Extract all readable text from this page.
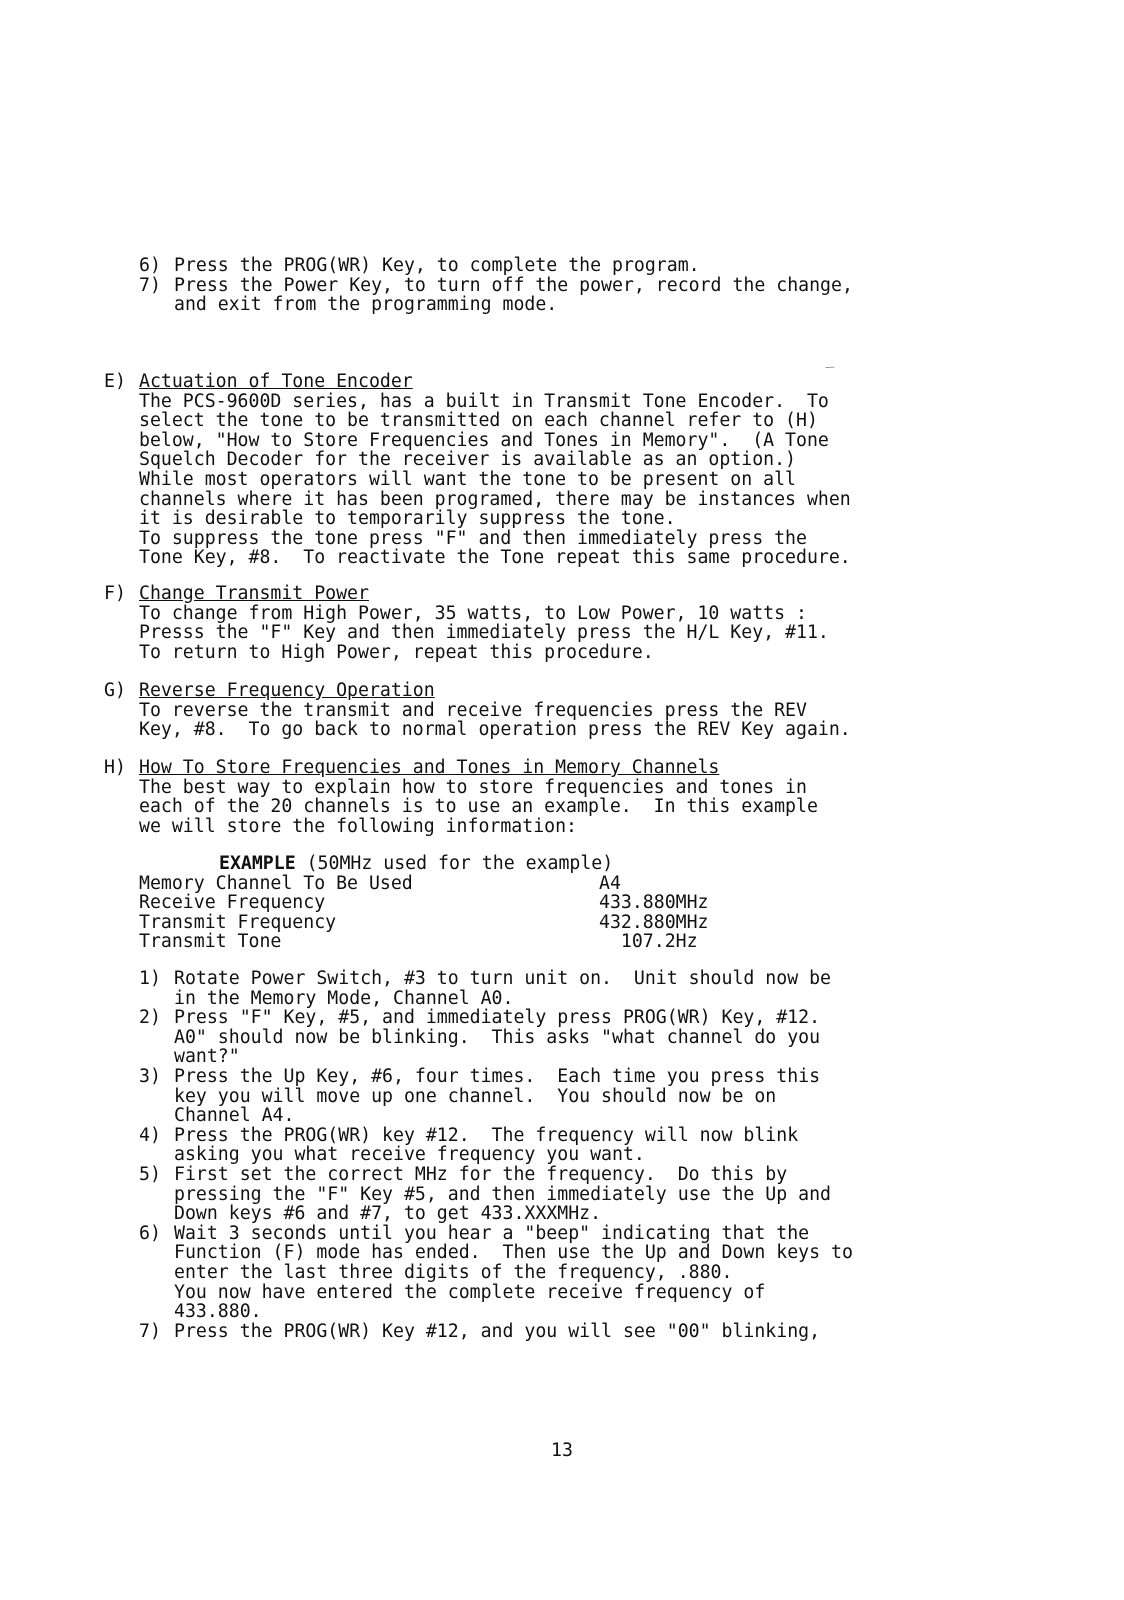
6) Press the PROG(WR) Key, to complete the program.
7) Press the Power Key, to turn off the power, record the change,
and exit from the programming mode.
E) Actuation of Tone Encoder
The PCS-9600D series, has a built in Transmit Tone Encoder.  To
select the tone to be transmitted on each channel refer to (H)
below, "How to Store Frequencies and Tones in Memory".  (A Tone
Squelch Decoder for the receiver is available as an option.)
While most operators will want the tone to be present on all
channels where it has been programed, there may be instances when
it is desirable to temporarily suppress the tone.
To suppress the tone press "F" and then immediately press the
Tone Key, #8.  To reactivate the Tone repeat this same procedure.
F) Change Transmit Power
To change from High Power, 35 watts, to Low Power, 10 watts :
Presss the "F" Key and then immediately press the H/L Key, #11.
To return to High Power, repeat this procedure.
G) Reverse Frequency Operation
To reverse the transmit and receive frequencies press the REV
Key, #8.  To go back to normal operation press the REV Key again.
H) How To Store Frequencies and Tones in Memory Channels
The best way to explain how to store frequencies and tones in
each of the 20 channels is to use an example.  In this example
we will store the following information:
EXAMPLE (50MHz used for the example)
Memory Channel To Be Used	A4
Receive Frequency	433.880MHz
Transmit Frequency	432.880MHz
Transmit Tone	107.2Hz
1) Rotate Power Switch, #3 to turn unit on.  Unit should now be
in the Memory Mode, Channel A0.
2) Press "F" Key, #5, and immediately press PROG(WR) Key, #12.
A0" should now be blinking.  This asks "what channel do you
want?"
3) Press the Up Key, #6, four times.  Each time you press this
key you will move up one channel.  You should now be on
Channel A4.
4) Press the PROG(WR) key #12.  The frequency will now blink
asking you what receive frequency you want.
5) First set the correct MHz for the frequency.  Do this by
pressing the "F" Key #5, and then immediately use the Up and
Down keys #6 and #7, to get 433.XXXMHz.
6) Wait 3 seconds until you hear a "beep" indicating that the
Function (F) mode has ended.  Then use the Up and Down keys to
enter the last three digits of the frequency, .880.
You now have entered the complete receive frequency of
433.880.
7) Press the PROG(WR) Key #12, and you will see "00" blinking,
⁄
13
